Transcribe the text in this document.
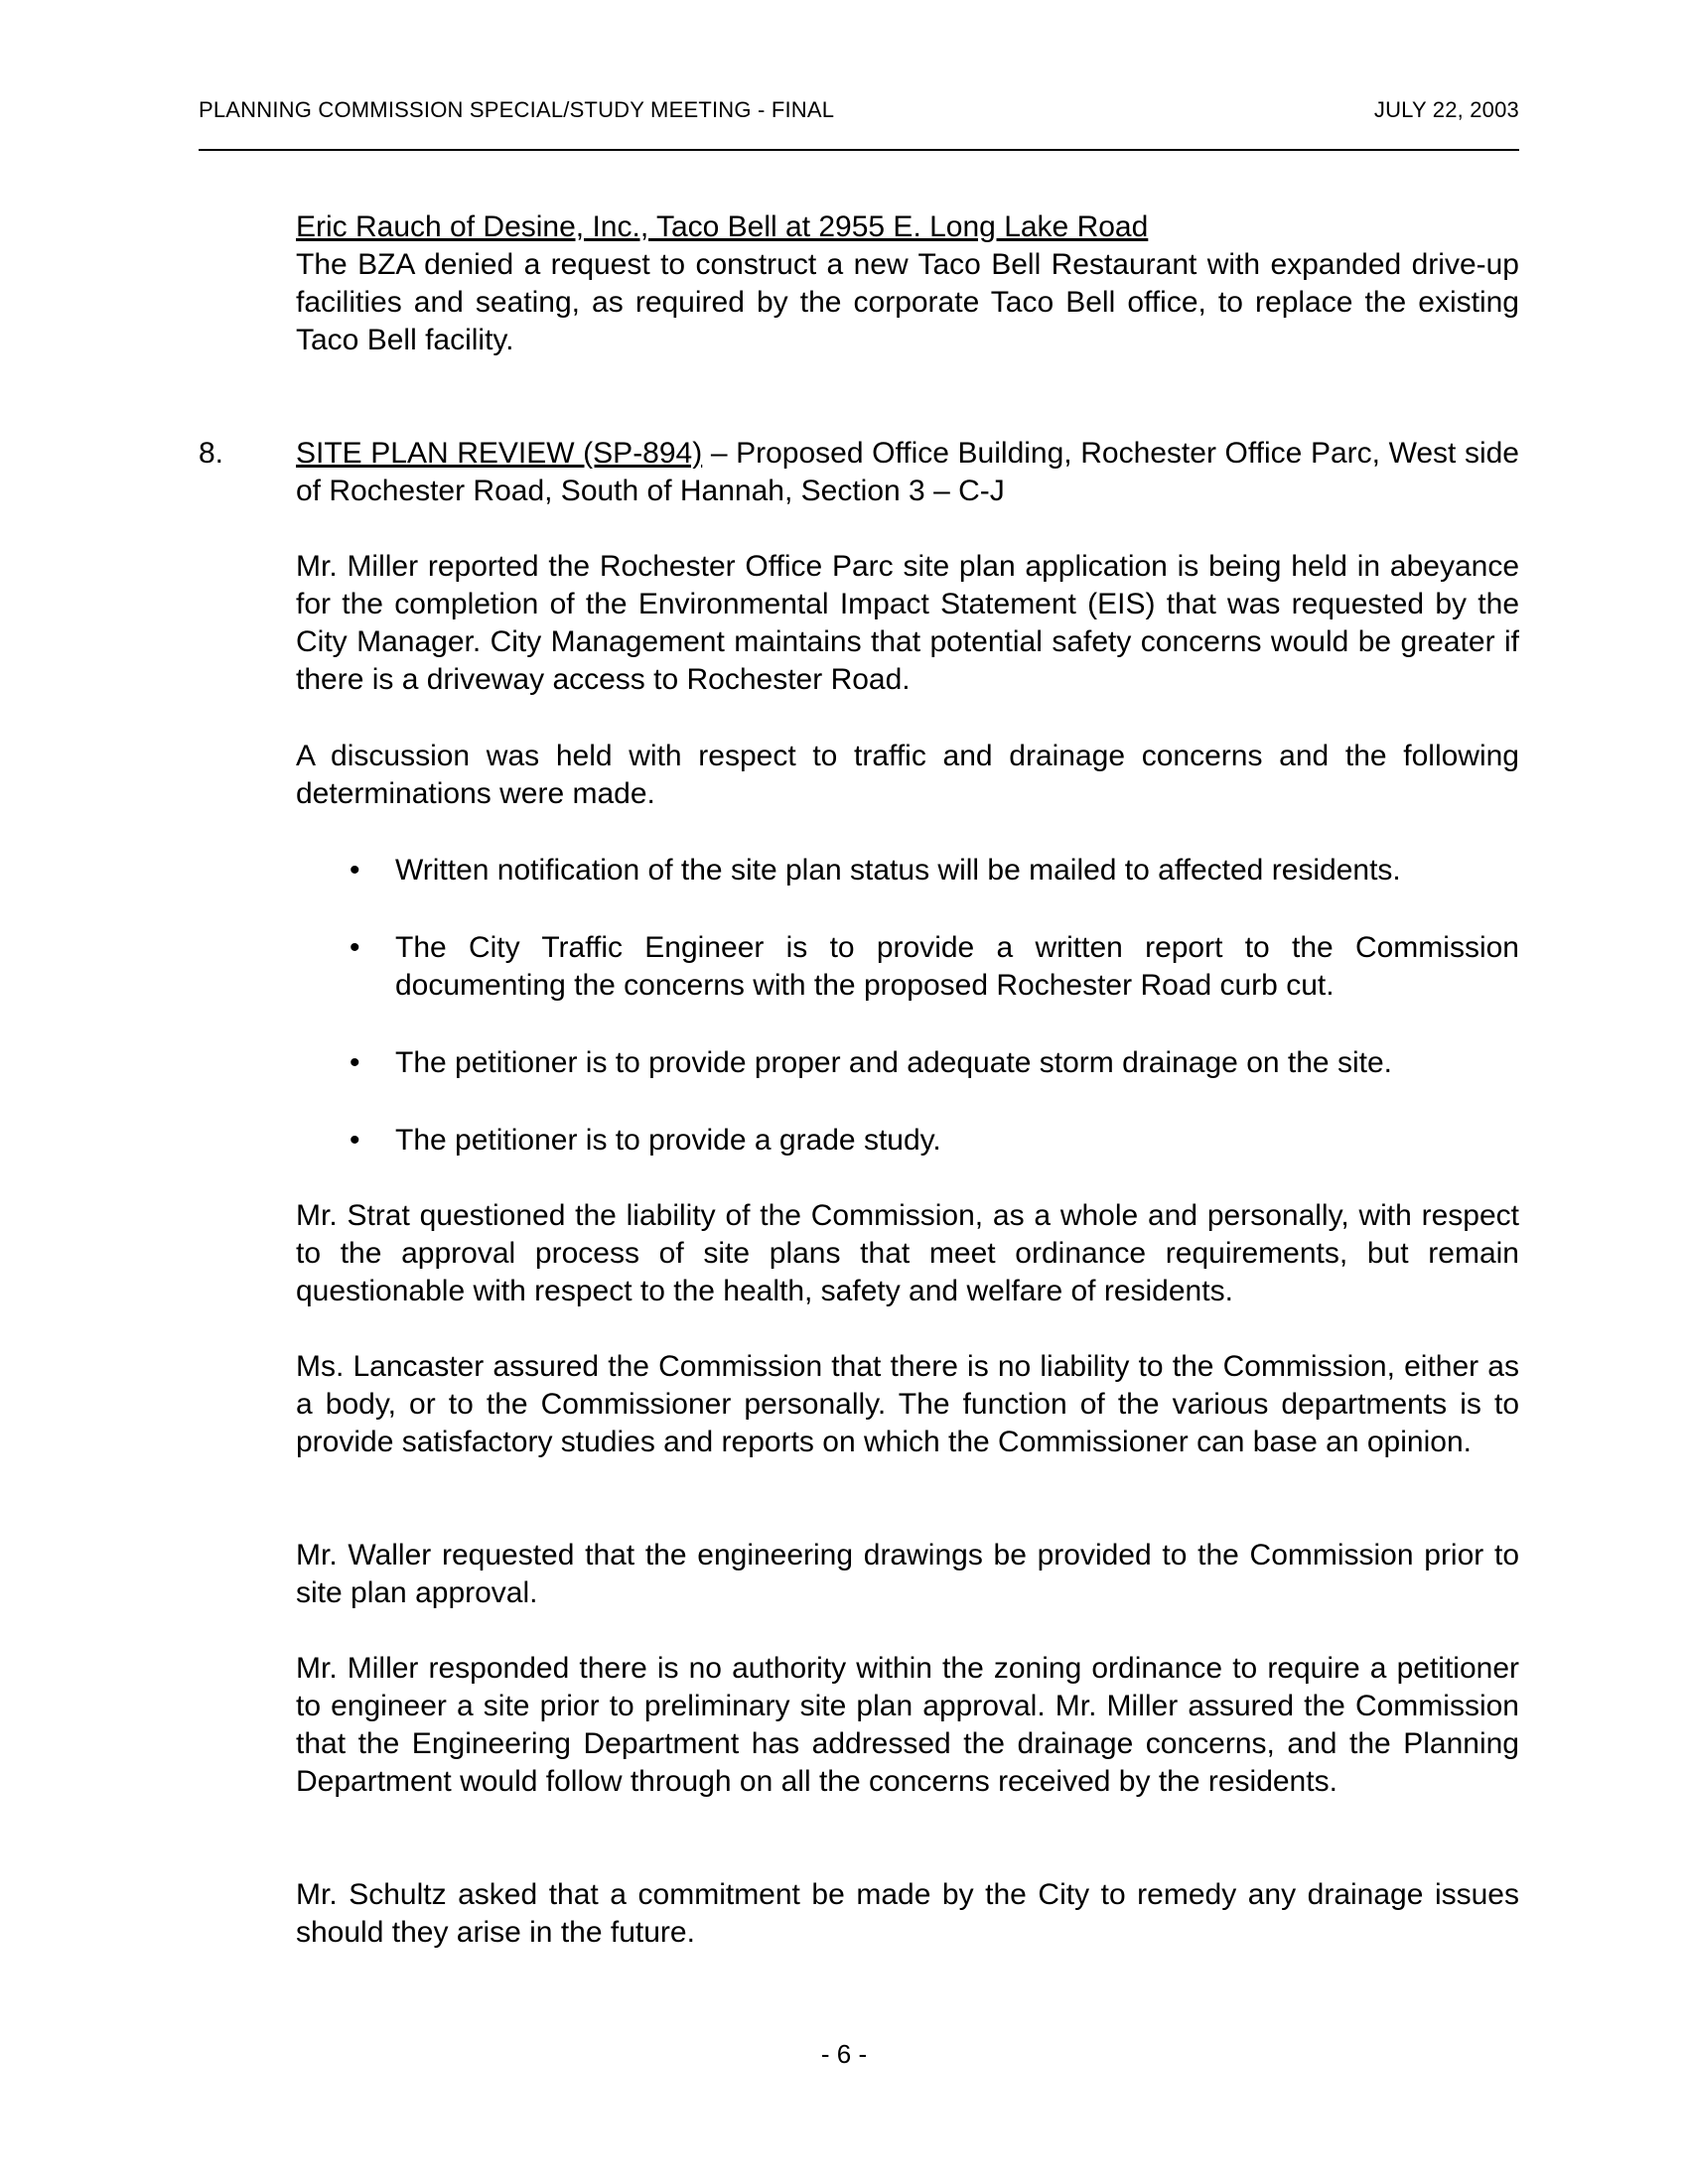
PLANNING COMMISSION SPECIAL/STUDY MEETING - FINAL	JULY 22, 2003

Eric Rauch of Desine, Inc., Taco Bell at 2955 E. Long Lake Road

The BZA denied a request to construct a new Taco Bell Restaurant with expanded drive-up facilities and seating, as required by the corporate Taco Bell office, to replace the existing Taco Bell facility.

8. SITE PLAN REVIEW (SP-894) – Proposed Office Building, Rochester Office Parc, West side of Rochester Road, South of Hannah, Section 3 – C-J

Mr. Miller reported the Rochester Office Parc site plan application is being held in abeyance for the completion of the Environmental Impact Statement (EIS) that was requested by the City Manager. City Management maintains that potential safety concerns would be greater if there is a driveway access to Rochester Road.
A discussion was held with respect to traffic and drainage concerns and the following determinations were made.
• Written notification of the site plan status will be mailed to affected residents.
• The City Traffic Engineer is to provide a written report to the Commission documenting the concerns with the proposed Rochester Road curb cut.
• The petitioner is to provide proper and adequate storm drainage on the site.
• The petitioner is to provide a grade study.
Mr. Strat questioned the liability of the Commission, as a whole and personally, with respect to the approval process of site plans that meet ordinance requirements, but remain questionable with respect to the health, safety and welfare of residents.
Ms. Lancaster assured the Commission that there is no liability to the Commission, either as a body, or to the Commissioner personally. The function of the various departments is to provide satisfactory studies and reports on which the Commissioner can base an opinion.
Mr. Waller requested that the engineering drawings be provided to the Commission prior to site plan approval.
Mr. Miller responded there is no authority within the zoning ordinance to require a petitioner to engineer a site prior to preliminary site plan approval. Mr. Miller assured the Commission that the Engineering Department has addressed the drainage concerns, and the Planning Department would follow through on all the concerns received by the residents.
Mr. Schultz asked that a commitment be made by the City to remedy any drainage issues should they arise in the future.
- 6 -
